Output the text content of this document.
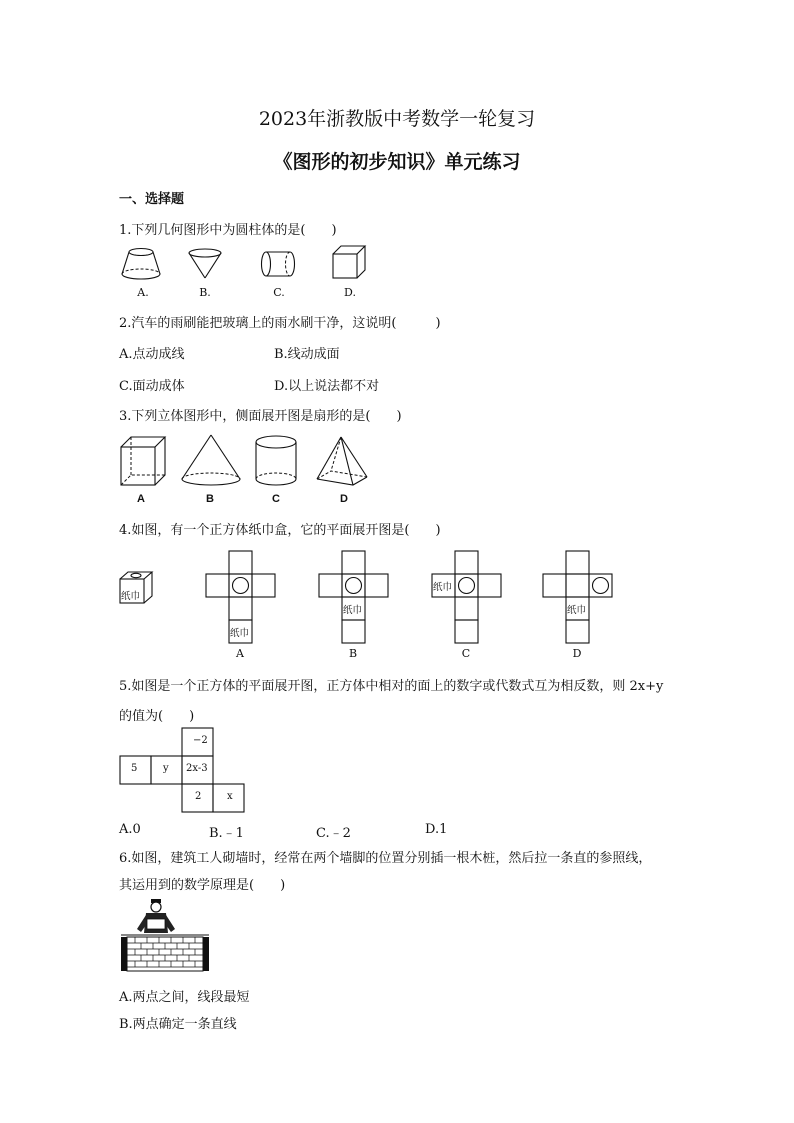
2023年浙教版中考数学一轮复习
《图形的初步知识》单元练习
一、选择题
1.下列几何图形中为圆柱体的是(　　)
A.	B.	C.	D.
2.汽车的雨刷能把玻璃上的雨水刷干净，这说明(　　　)
A.点动成线	B.线动成面
C.面动成体	D.以上说法都不对
3.下列立体图形中，侧面展开图是扇形的是(　　)
A	B	C	D
4.如图，有一个正方体纸巾盒，它的平面展开图是(　　)
纸巾
纸巾
纸巾
纸巾
纸巾
A	B	C	D
5.如图是一个正方体的平面展开图，正方体中相对的面上的数字或代数式互为相反数，则 2x+y
的值为(　　)
−2
5	y 2x-3
2	x
A.0	B.﹣1	C.﹣2	D.1
6.如图，建筑工人砌墙时，经常在两个墙脚的位置分别插一根木桩，然后拉一条直的参照线，
其运用到的数学原理是(　　)
A.两点之间，线段最短
B.两点确定一条直线
